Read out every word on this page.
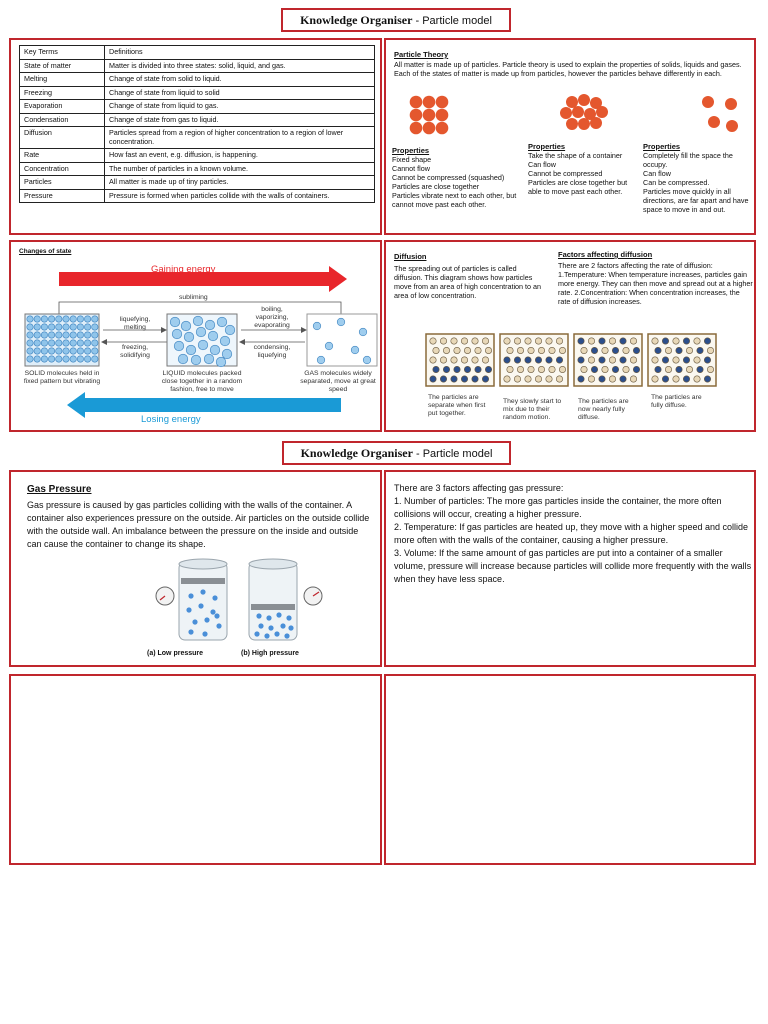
Knowledge Organiser - Particle model
Key Terms	Definitions
State of matter	Matter is divided into three states: solid, liquid, and gas.
Melting	Change of state from solid to liquid.
Freezing	Change of state from liquid to solid
Evaporation	Change of state from liquid to gas.
Condensation	Change of state from gas to liquid.
Diffusion	Particles spread from a region of higher concentration to a region of lower concentration.
Rate	How fast an event, e.g. diffusion, is happening.
Concentration	The number of particles in a known volume.
Particles	All matter is made up of tiny particles.
Pressure	Pressure is formed when particles collide with the walls of containers.
Particle Theory
All matter is made up of particles. Particle theory is used to explain the properties of solids, liquids and gases. Each of the states of matter is made up from particles, however the particles behave differently in each.
Properties
Fixed shape
Cannot flow
Cannot be compressed (squashed)
Particles are close together
Particles vibrate next to each other, but cannot move past each other.
Properties
Take the shape of a container
Can flow
Cannot be compressed
Particles are close together but able to move past each other.
Properties
Completely fill the space the occupy.
Can flow
Can be compressed.
Particles move quickly in all directions, are far apart and have space to move in and out.
Changes of state
Gaining energy
Losing energy
subliming
liquefying, melting
freezing, solidifying
boiling, vaporizing, evaporating
condensing, liquefying
SOLID molecules held in fixed pattern but vibrating
LIQUID molecules packed close together in a random fashion, free to move
GAS molecules widely separated, move at great speed
Diffusion
The spreading out of particles is called diffusion. This diagram shows how particles move from an area of high concentration to an area of low concentration.
Factors affecting diffusion
There are 2 factors affecting the rate of diffusion: 1.Temperature: When temperature increases, particles gain more energy. They can then move and spread out at a higher rate. 2.Concentration: When concentration increases, the rate of diffusion increases.
The particles are separate when first put together.
They slowly start to mix due to their random motion.
The particles are now nearly fully diffuse.
The particles are fully diffuse.
Knowledge Organiser - Particle model
Gas Pressure
Gas pressure is caused by gas particles colliding with the walls of the container. A container also experiences pressure on the outside. Air particles on the outside collide with the outside wall. An imbalance between the pressure on the inside and outside can cause the container to change its shape.
(a) Low pressure	(b) High pressure
There are 3 factors affecting gas pressure:
1. Number of particles: The more gas particles inside the container, the more often collisions will occur, creating a higher pressure.
2. Temperature: If gas particles are heated up, they move with a higher speed and collide more often with the walls of the container, causing a higher pressure.
3. Volume: If the same amount of gas particles are put into a container of a smaller volume, pressure will increase because particles will collide more frequently with the walls when they have less space.
